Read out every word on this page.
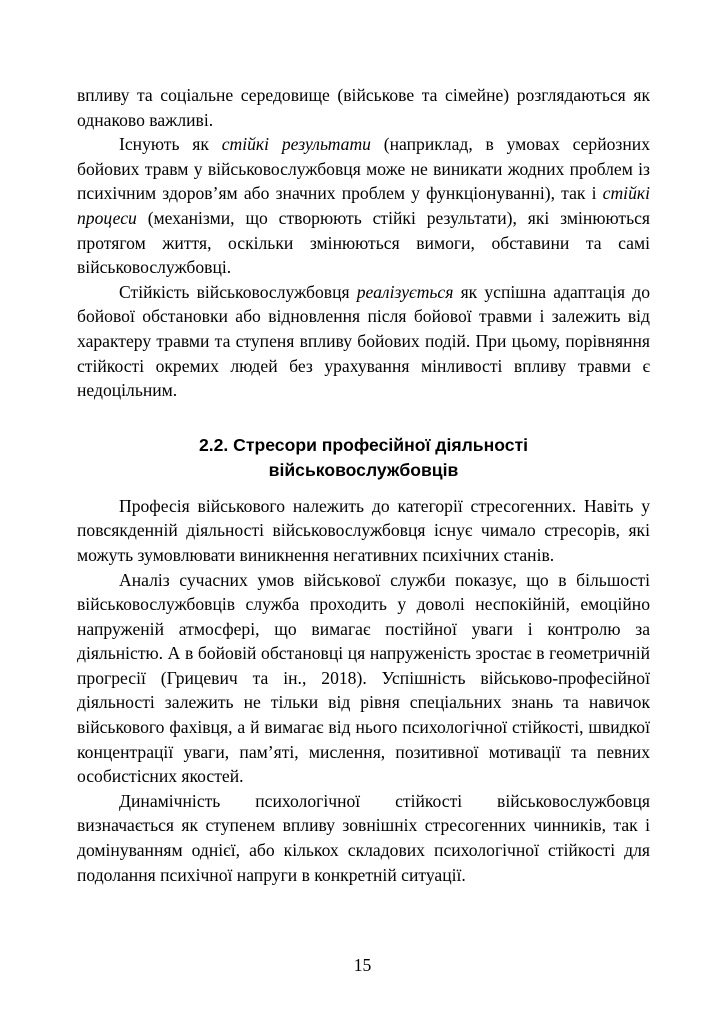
впливу та соціальне середовище (військове та сімейне) розглядаються як однаково важливі.

Існують як стійкі результати (наприклад, в умовах серйозних бойових травм у військовослужбовця може не виникати жодних проблем із психічним здоров’ям або значних проблем у функціонуванні), так і стійкі процеси (механізми, що створюють стійкі результати), які змінюються протягом життя, оскільки змінюються вимоги, обставини та самі військовослужбовці.

Стійкість військовослужбовця реалізується як успішна адаптація до бойової обстановки або відновлення після бойової травми і залежить від характеру травми та ступеня впливу бойових подій. При цьому, порівняння стійкості окремих людей без урахування мінливості впливу травми є недоцільним.

2.2. Стресори професійної діяльності
військовослужбовців

Професія військового належить до категорії стресогенних. Навіть у повсякденній діяльності військовослужбовця існує чимало стресорів, які можуть зумовлювати виникнення негативних психічних станів.

Аналіз сучасних умов військової служби показує, що в більшості військовослужбовців служба проходить у доволі неспокійній, емоційно напруженій атмосфері, що вимагає постійної уваги і контролю за діяльністю. А в бойовій обстановці ця напруженість зростає в геометричній прогресії (Грицевич та ін., 2018). Успішність військово-професійної діяльності залежить не тільки від рівня спеціальних знань та навичок військового фахівця, а й вимагає від нього психологічної стійкості, швидкої концентрації уваги, пам’яті, мислення, позитивної мотивації та певних особистісних якостей.

Динамічність психологічної стійкості військовослужбовця визначається як ступенем впливу зовнішніх стресогенних чинників, так і домінуванням однієї, або кількох складових психологічної стійкості для подолання психічної напруги в конкретній ситуації.

15
